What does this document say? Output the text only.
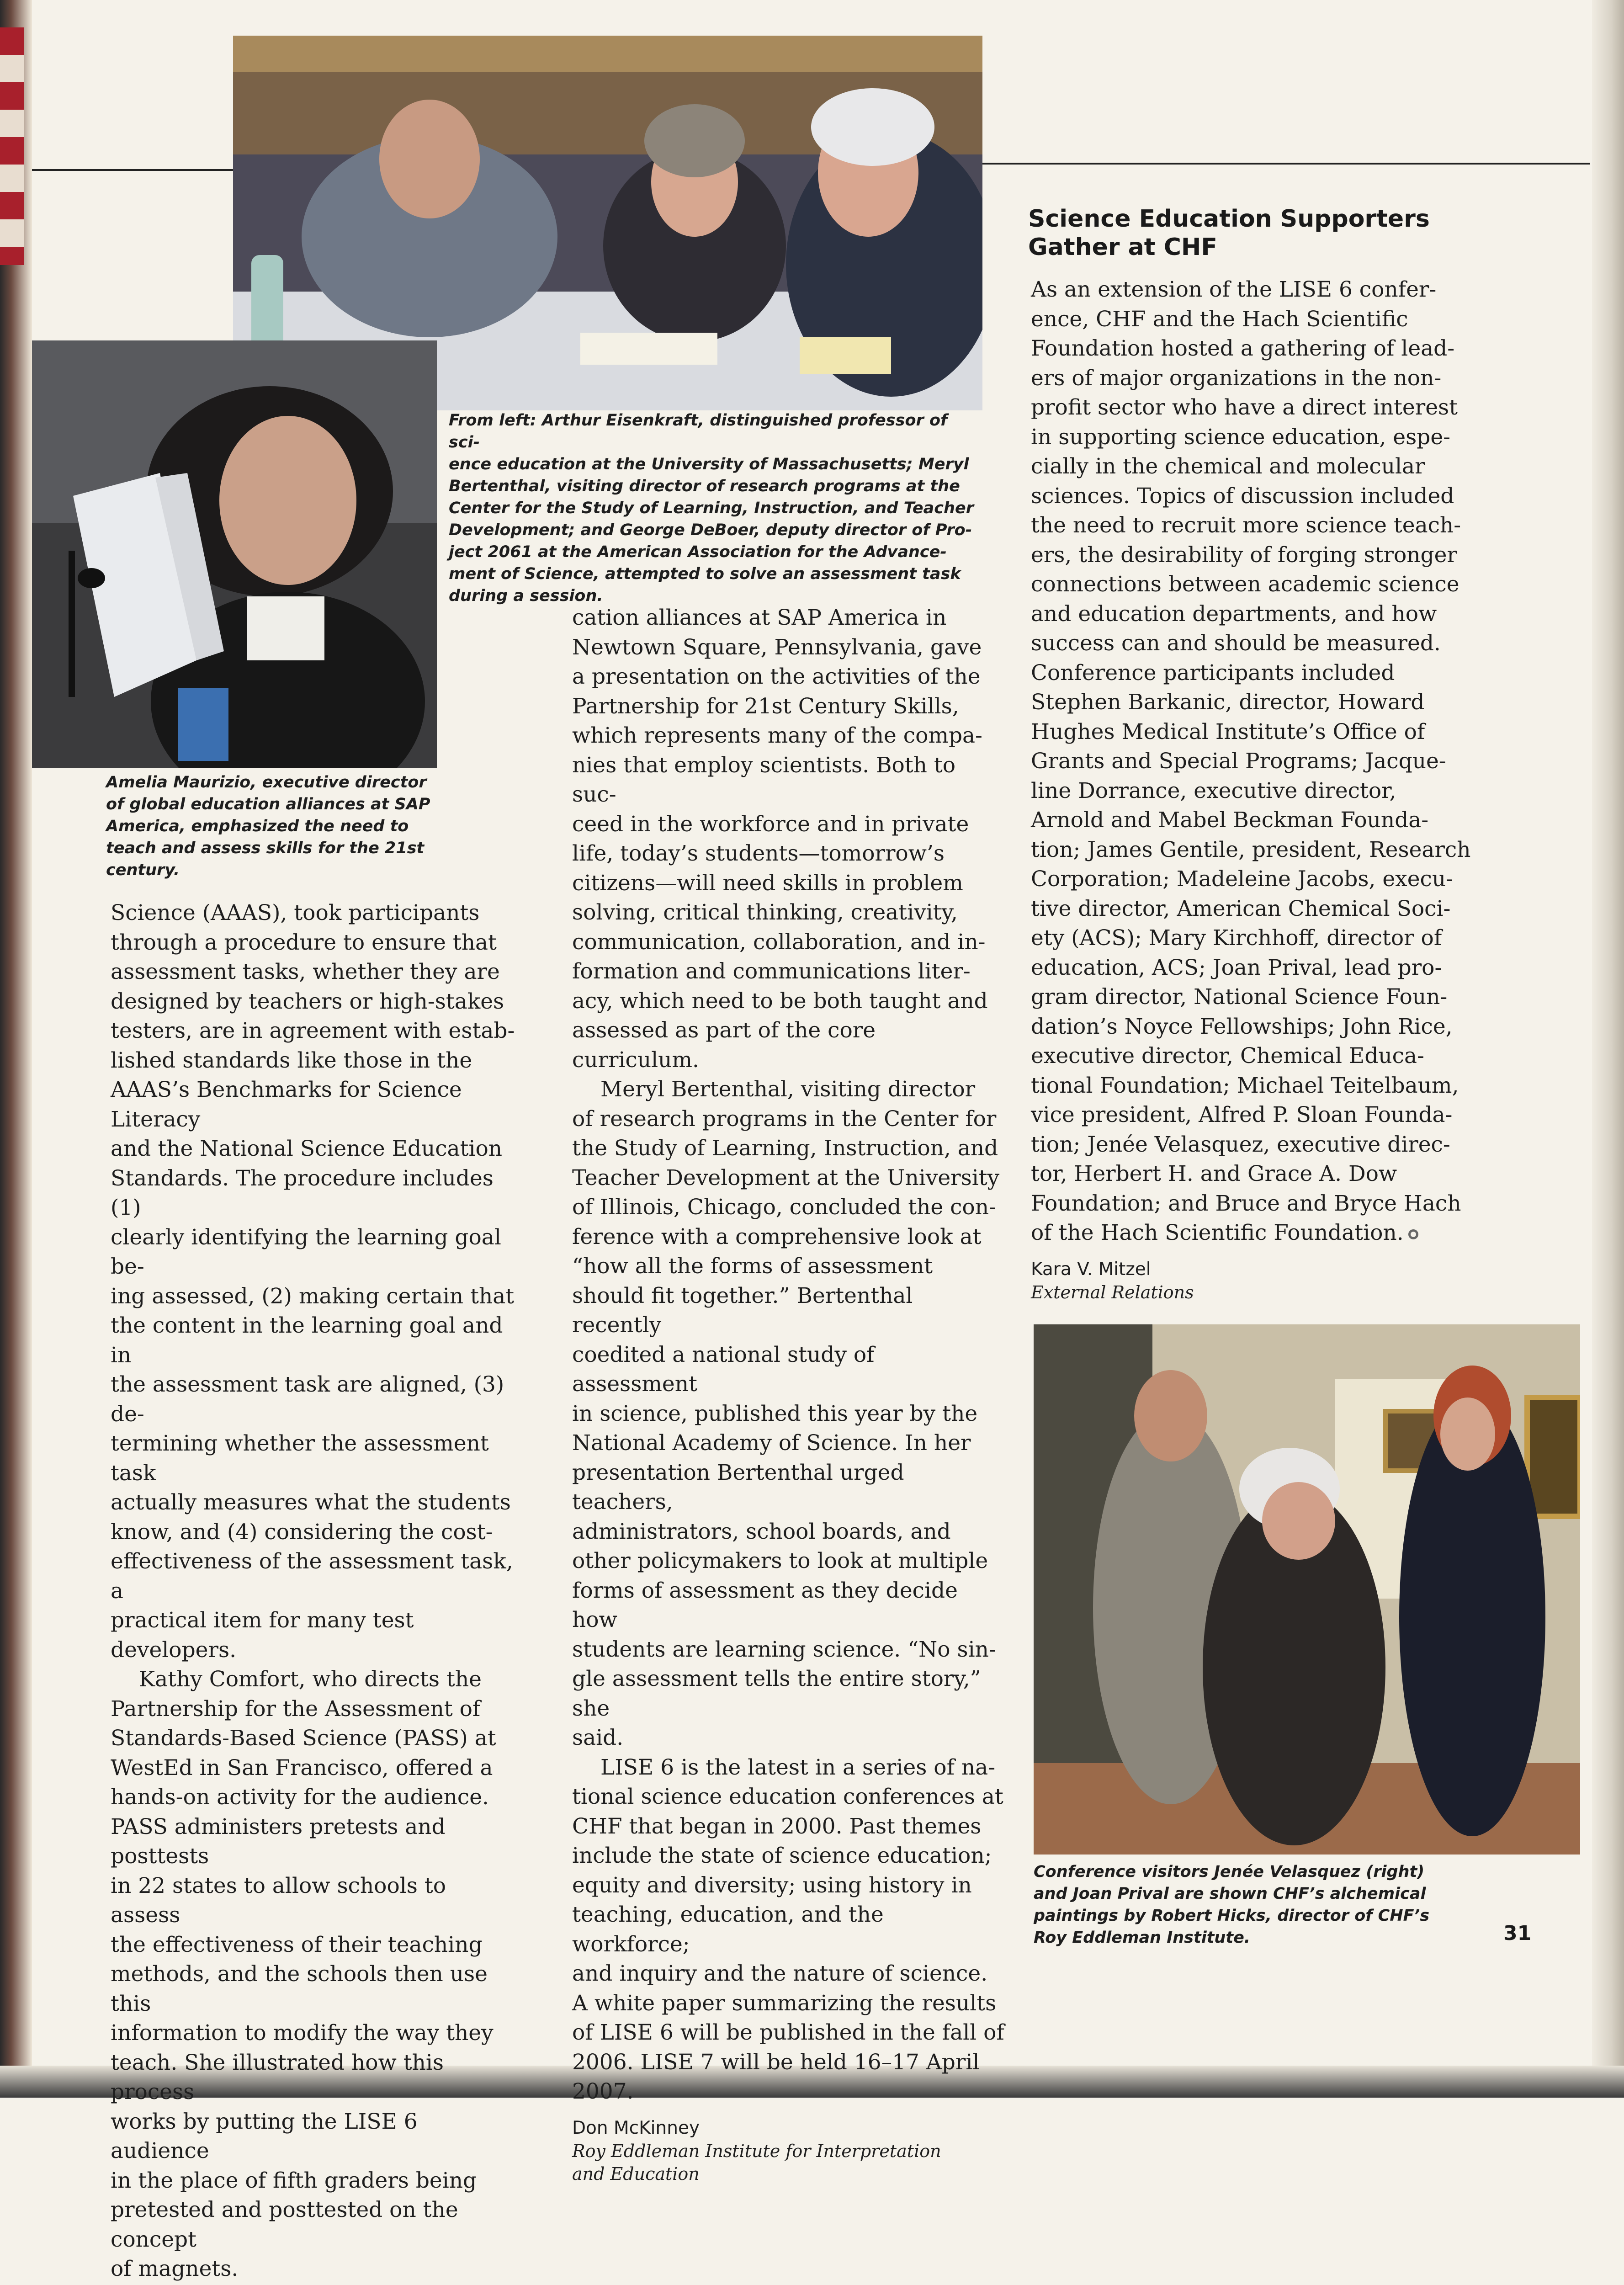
From left: Arthur Eisenkraft, distinguished professor of sci-
ence education at the University of Massachusetts; Meryl
Bertenthal, visiting director of research programs at the
Center for the Study of Learning, Instruction, and Teacher
Development; and George DeBoer, deputy director of Pro-
ject 2061 at the American Association for the Advance-
ment of Science, attempted to solve an assessment task
during a session.
Amelia Maurizio, executive director
of global education alliances at SAP
America, emphasized the need to
teach and assess skills for the 21st
century.
Conference visitors Jenée Velasquez (right)
and Joan Prival are shown CHF’s alchemical
paintings by Robert Hicks, director of CHF’s
Roy Eddleman Institute.

Science (AAAS), took participants
through a procedure to ensure that
assessment tasks, whether they are
designed by teachers or high-stakes
testers, are in agreement with estab-
lished standards like those in the
AAAS’s Benchmarks for Science Literacy
and the National Science Education
Standards. The procedure includes (1)
clearly identifying the learning goal be-
ing assessed, (2) making certain that
the content in the learning goal and in
the assessment task are aligned, (3) de-
termining whether the assessment task
actually measures what the students
know, and (4) considering the cost-
effectiveness of the assessment task, a
practical item for many test developers.

Kathy Comfort, who directs the
Partnership for the Assessment of
Standards-Based Science (PASS) at
WestEd in San Francisco, offered a
hands-on activity for the audience.
PASS administers pretests and posttests
in 22 states to allow schools to assess
the effectiveness of their teaching
methods, and the schools then use this
information to modify the way they
teach. She illustrated how this process
works by putting the LISE 6 audience
in the place of fifth graders being
pretested and posttested on the concept
of magnets.

cation alliances at SAP America in
Newtown Square, Pennsylvania, gave
a presentation on the activities of the
Partnership for 21st Century Skills,
which represents many of the compa-
nies that employ scientists. Both to suc-
ceed in the workforce and in private
life, today’s students—tomorrow’s
citizens—will need skills in problem
solving, critical thinking, creativity,
communication, collaboration, and in-
formation and communications liter-
acy, which need to be both taught and
assessed as part of the core curriculum.

Meryl Bertenthal, visiting director
of research programs in the Center for
the Study of Learning, Instruction, and
Teacher Development at the University
of Illinois, Chicago, concluded the con-
ference with a comprehensive look at
“how all the forms of assessment
should fit together.” Bertenthal recently
coedited a national study of assessment
in science, published this year by the
National Academy of Science. In her
presentation Bertenthal urged teachers,
administrators, school boards, and
other policymakers to look at multiple
forms of assessment as they decide how
students are learning science. “No sin-
gle assessment tells the entire story,” she
said.

LISE 6 is the latest in a series of na-
tional science education conferences at
CHF that began in 2000. Past themes
include the state of science education;
equity and diversity; using history in
teaching, education, and the workforce;
and inquiry and the nature of science.
A white paper summarizing the results
of LISE 6 will be published in the fall of
2006. LISE 7 will be held 16–17 April
2007.

Don McKinney
Roy Eddleman Institute for Interpretation
and Education
Science Education Supporters
Gather at CHF

As an extension of the LISE 6 confer-
ence, CHF and the Hach Scientific
Foundation hosted a gathering of lead-
ers of major organizations in the non-
profit sector who have a direct interest
in supporting science education, espe-
cially in the chemical and molecular
sciences. Topics of discussion included
the need to recruit more science teach-
ers, the desirability of forging stronger
connections between academic science
and education departments, and how
success can and should be measured.
Conference participants included
Stephen Barkanic, director, Howard
Hughes Medical Institute’s Office of
Grants and Special Programs; Jacque-
line Dorrance, executive director,
Arnold and Mabel Beckman Founda-
tion; James Gentile, president, Research
Corporation; Madeleine Jacobs, execu-
tive director, American Chemical Soci-
ety (ACS); Mary Kirchhoff, director of
education, ACS; Joan Prival, lead pro-
gram director, National Science Foun-
dation’s Noyce Fellowships; John Rice,
executive director, Chemical Educa-
tional Foundation; Michael Teitelbaum,
vice president, Alfred P. Sloan Founda-
tion; Jenée Velasquez, executive direc-
tor, Herbert H. and Grace A. Dow
Foundation; and Bruce and Bryce Hach
of the Hach Scientific Foundation.

Kara V. Mitzel
External Relations
31
